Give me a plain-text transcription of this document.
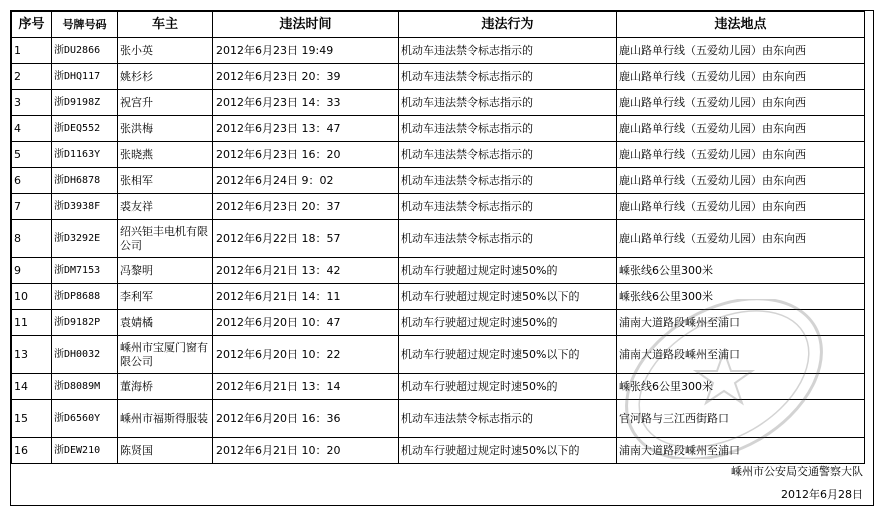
序号	号牌号码	车主	违法时间	违法行为	违法地点
1	浙DU2866	张小英	2012年6月23日 19:49	机动车违法禁令标志指示的	鹿山路单行线（五爱幼儿园）由东向西
2	浙DHQ117	姚杉杉	2012年6月23日 20：39	机动车违法禁令标志指示的	鹿山路单行线（五爱幼儿园）由东向西
3	浙D9198Z	祝宫升	2012年6月23日 14：33	机动车违法禁令标志指示的	鹿山路单行线（五爱幼儿园）由东向西
4	浙DEQ552	张洪梅	2012年6月23日 13：47	机动车违法禁令标志指示的	鹿山路单行线（五爱幼儿园）由东向西
5	浙D1163Y	张晓燕	2012年6月23日 16：20	机动车违法禁令标志指示的	鹿山路单行线（五爱幼儿园）由东向西
6	浙DH6878	张相军	2012年6月24日 9：02	机动车违法禁令标志指示的	鹿山路单行线（五爱幼儿园）由东向西
7	浙D3938F	裘友祥	2012年6月23日 20：37	机动车违法禁令标志指示的	鹿山路单行线（五爱幼儿园）由东向西
8	浙D3292E	绍兴钜丰电机有限公司	2012年6月22日 18：57	机动车违法禁令标志指示的	鹿山路单行线（五爱幼儿园）由东向西
9	浙DM7153	冯黎明	2012年6月21日 13：42	机动车行驶超过规定时速50%的	嵊张线6公里300米
10	浙DP8688	李利军	2012年6月21日 14：11	机动车行驶超过规定时速50%以下的	嵊张线6公里300米
11	浙D9182P	袁婧橘	2012年6月20日 10：47	机动车行驶超过规定时速50%的	浦南大道路段嵊州至浦口
13	浙DH0032	嵊州市宝厦门窗有限公司	2012年6月20日 10：22	机动车行驶超过规定时速50%以下的	浦南大道路段嵊州至浦口
14	浙D8089M	董海桥	2012年6月21日 13：14	机动车行驶超过规定时速50%的	嵊张线6公里300米
15	浙D6560Y	嵊州市福斯得服装	2012年6月20日 16：36	机动车违法禁令标志指示的	官河路与三江西街路口
16	浙DEW210	陈贤国	2012年6月21日 10：20	机动车行驶超过规定时速50%以下的	浦南大道路段嵊州至浦口
嵊州市公安局交通警察大队
2012年6月28日
